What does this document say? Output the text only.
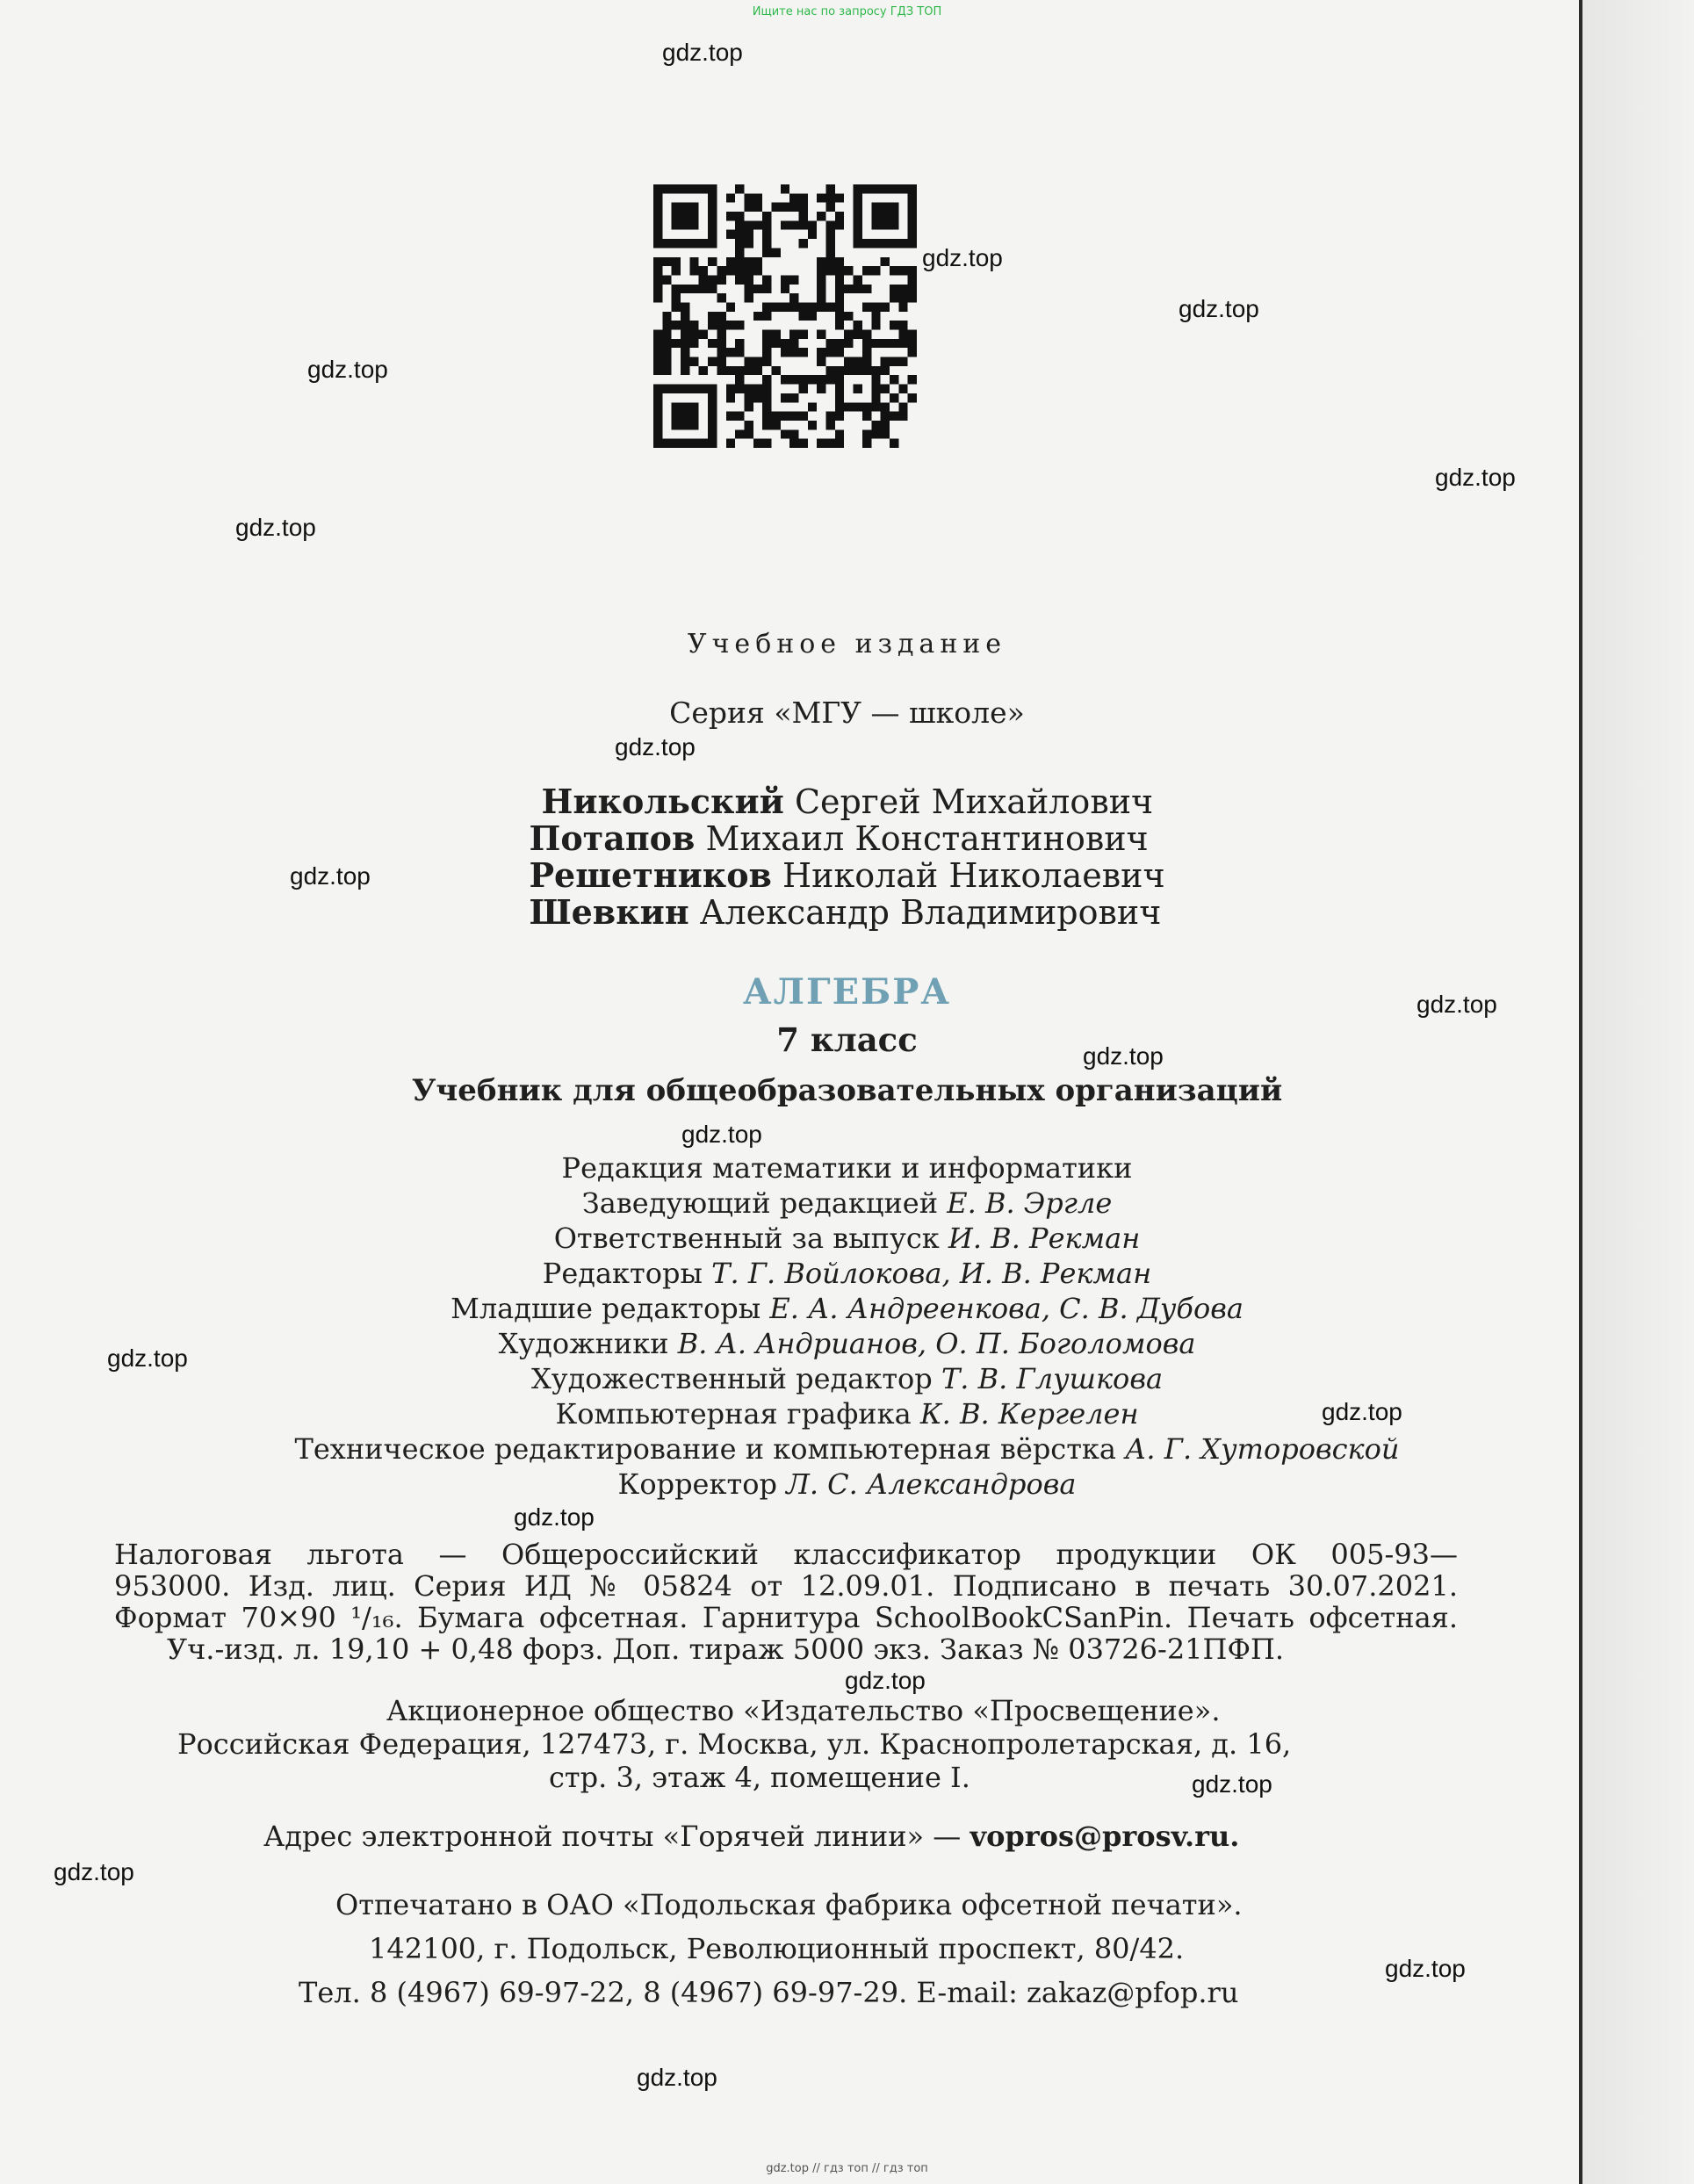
Ищите нас по запросу ГДЗ ТОП
gdz.top
gdz.top
gdz.top
gdz.top
gdz.top
gdz.top
gdz.top
gdz.top
gdz.top
gdz.top
gdz.top
gdz.top
gdz.top
gdz.top
gdz.top
gdz.top
gdz.top
gdz.top
gdz.top
Учебное издание
Серия «МГУ — школе»
Никольский Сергей Михайлович
Потапов Михаил Константинович
Решетников Николай Николаевич
Шевкин Александр Владимирович
АЛГЕБРА
7 класс
Учебник для общеобразовательных организаций
Редакция математики и информатики
Заведующий редакцией Е. В. Эргле
Ответственный за выпуск И. В. Рекман
Редакторы Т. Г. Войлокова, И. В. Рекман
Младшие редакторы Е. А. Андреенкова, С. В. Дубова
Художники В. А. Андрианов, О. П. Боголомова
Художественный редактор Т. В. Глушкова
Компьютерная графика К. В. Кергелен
Техническое редактирование и компьютерная вёрстка А. Г. Хуторовской
Корректор Л. С. Александрова
Налоговая льгота — Общероссийский классификатор продукции ОК 005-93—
953000. Изд. лиц. Серия ИД № 05824 от 12.09.01. Подписано в печать 30.07.2021.
Формат 70×90 ¹/₁₆. Бумага офсетная. Гарнитура SchoolBookCSanPin. Печать офсетная.
Уч.-изд. л. 19,10 + 0,48 форз. Доп. тираж 5000 экз. Заказ № 03726-21ПФП.
Акционерное общество «Издательство «Просвещение».
Российская Федерация, 127473, г. Москва, ул. Краснопролетарская, д. 16,
стр. 3, этаж 4, помещение I.
Адрес электронной почты «Горячей линии» — vopros@prosv.ru.
Отпечатано в ОАО «Подольская фабрика офсетной печати».
142100, г. Подольск, Революционный проспект, 80/42.
Тел. 8 (4967) 69-97-22, 8 (4967) 69-97-29. E-mail: zakaz@pfop.ru
gdz.top // гдз топ // гдз топ
